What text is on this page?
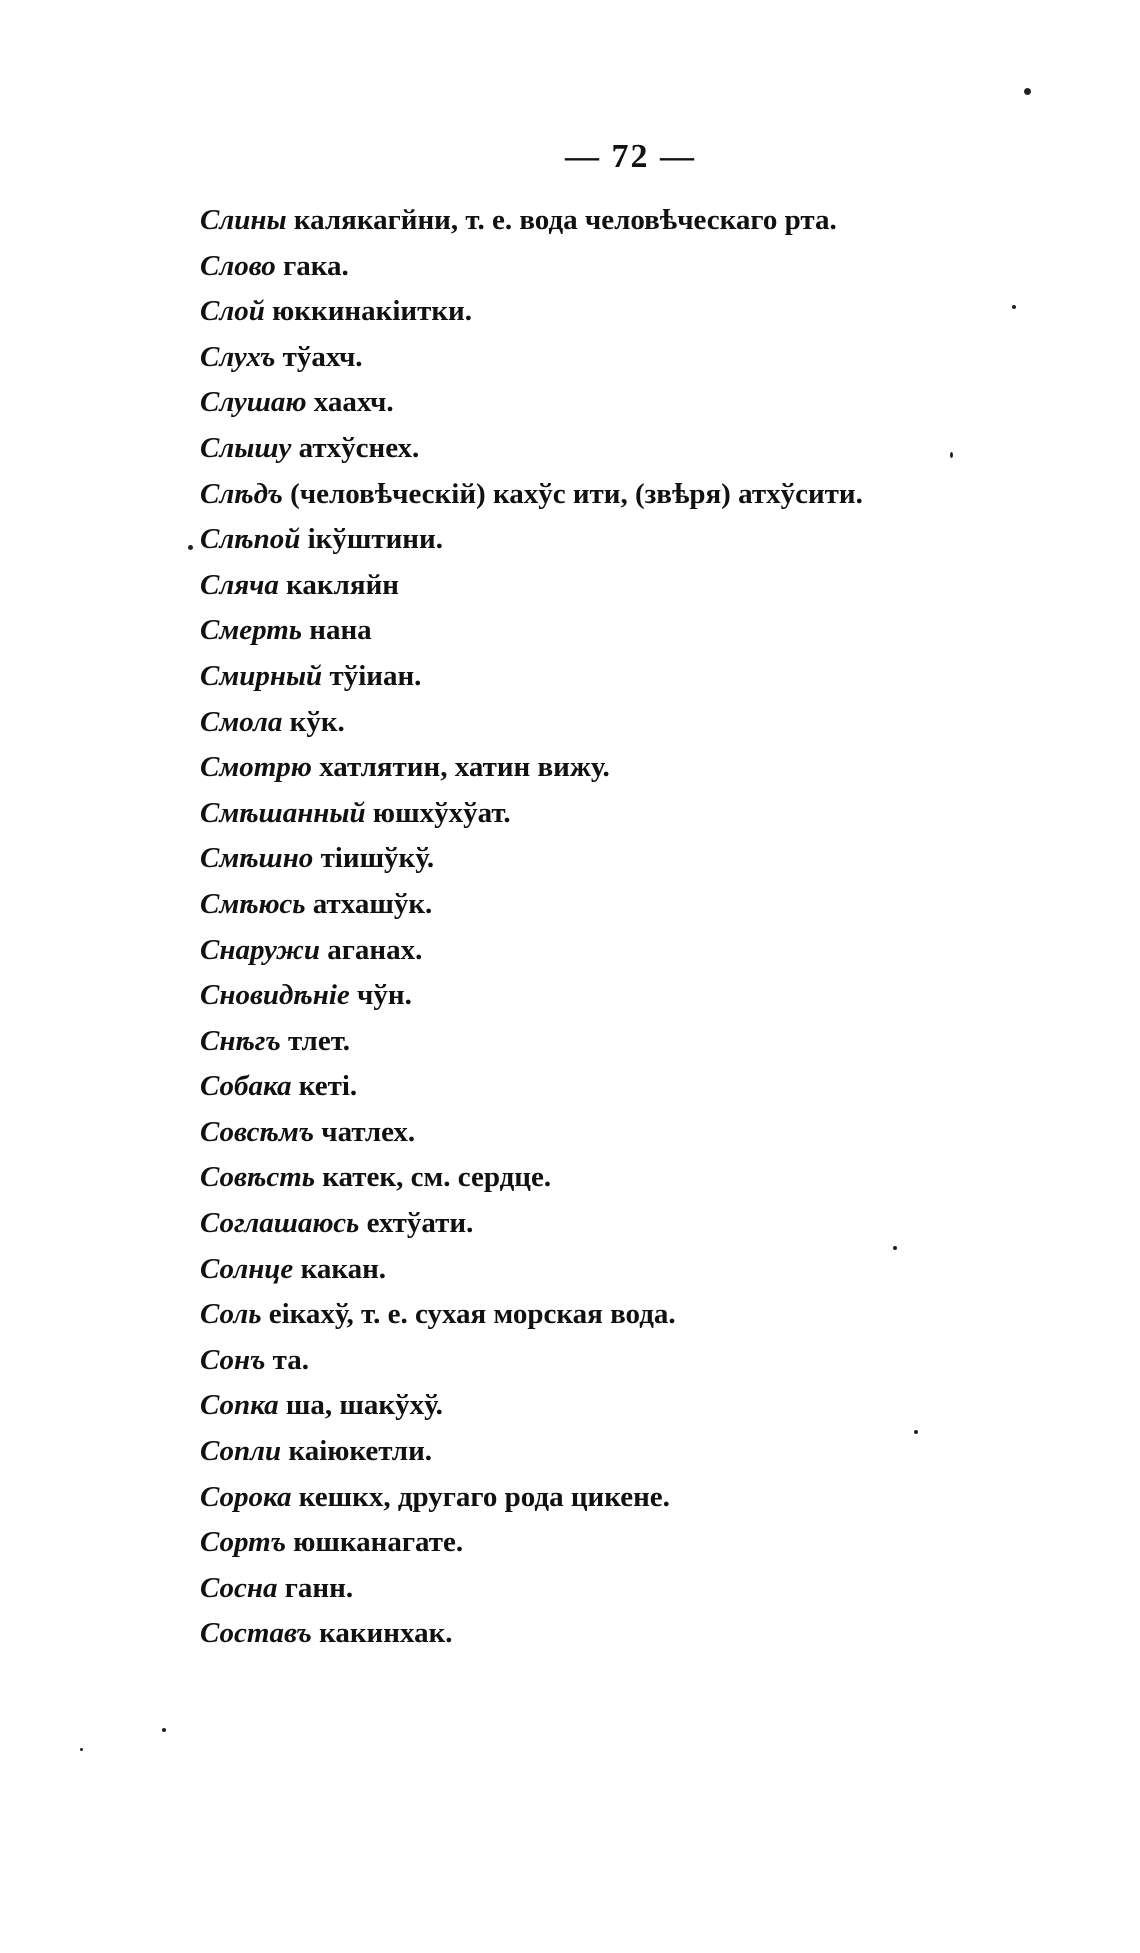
— 72 —
Слины калякагйни, т. е. вода человѣческаго рта.
Слово гака.
Слой юккинакiитки.
Слухъ тўахч.
Слушаю хаахч.
Слышу атхўснех.
Слѣдъ (человѣческій) кахўс ити, (звѣря) атхўсити.
Слѣпой iкўштини.
Сляча какляйн
Смерть нана
Смирный тўiиан.
Смола кўк.
Смотрю хатлятин, хатин вижу.
Смѣшанный юшхўхўат.
Смѣшно тiишўкў.
Смѣюсь атхашўк.
Снаружи аганах.
Сновидѣніе чўн.
Снѣгъ тлет.
Собака кетi.
Совсѣмъ чатлех.
Совѣсть катек, см. сердце.
Соглашаюсь ехтўати.
Солнце какан.
Соль еiкахў, т. е. сухая морская вода.
Сонъ та.
Сопка ша, шакўхў.
Сопли каiюкетли.
Сорока кешкх, другаго рода цикене.
Сортъ юшканагате.
Сосна ганн.
Составъ какинхак.
